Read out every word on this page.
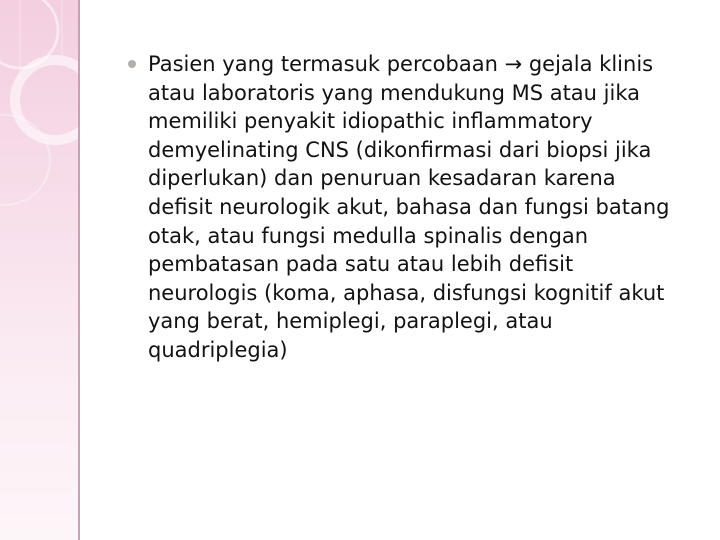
Pasien yang termasuk percobaan → gejala klinis
atau laboratoris yang mendukung MS atau jika
memiliki penyakit idiopathic inflammatory
demyelinating CNS (dikonfirmasi dari biopsi jika
diperlukan) dan penuruan kesadaran karena
defisit neurologik akut, bahasa dan fungsi batang
otak, atau fungsi medulla spinalis dengan
pembatasan pada satu atau lebih defisit
neurologis (koma, aphasa, disfungsi kognitif akut
yang berat, hemiplegi, paraplegi, atau
quadriplegia)
